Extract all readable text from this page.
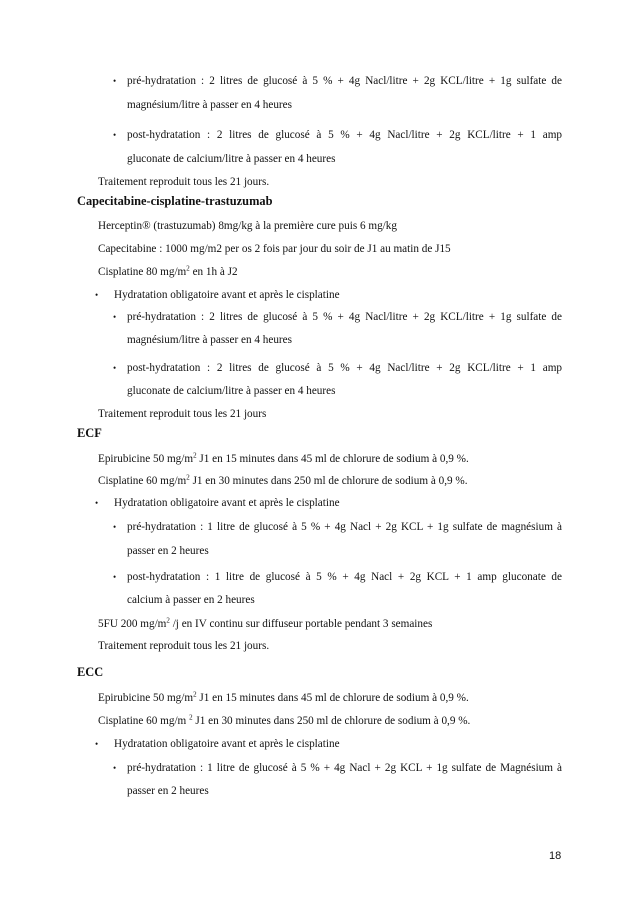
• pré-hydratation : 2 litres de glucosé à 5 % + 4g Nacl/litre + 2g KCL/litre + 1g sulfate de
magnésium/litre à passer en 4 heures
• post-hydratation : 2 litres de glucosé à 5 % + 4g Nacl/litre + 2g KCL/litre + 1 amp
gluconate de calcium/litre à passer en 4 heures
Traitement reproduit tous les 21 jours.
Capecitabine-cisplatine-trastuzumab
Herceptin® (trastuzumab) 8mg/kg à la première cure puis 6 mg/kg
Capecitabine : 1000 mg/m2 per os 2 fois par jour du soir de J1 au matin de J15
Cisplatine 80 $mg/m^2$ en 1h à J2
• Hydratation obligatoire avant et après le cisplatine
• pré-hydratation : 2 litres de glucosé à 5 % + 4g Nacl/litre + 2g KCL/litre + 1g sulfate de
magnésium/litre à passer en 4 heures
• post-hydratation : 2 litres de glucosé à 5 % + 4g Nacl/litre + 2g KCL/litre + 1 amp
gluconate de calcium/litre à passer en 4 heures
Traitement reproduit tous les 21 jours
ECF
Epirubicine 50 $mg/m^2$ J1 en 15 minutes dans 45 ml de chlorure de sodium à 0,9 %.
Cisplatine 60 $mg/m^2$ J1 en 30 minutes dans 250 ml de chlorure de sodium à 0,9 %.
• Hydratation obligatoire avant et après le cisplatine
• pré-hydratation : 1 litre de glucosé à 5 % + 4g Nacl + 2g KCL + 1g sulfate de magnésium à
passer en 2 heures
• post-hydratation : 1 litre de glucosé à 5 % + 4g Nacl + 2g KCL + 1 amp gluconate de
calcium à passer en 2 heures
5FU 200 $mg/m^2$ /j en IV continu sur diffuseur portable pendant 3 semaines
Traitement reproduit tous les 21 jours.
ECC
Epirubicine 50 $mg/m^2$ J1 en 15 minutes dans 45 ml de chlorure de sodium à 0,9 %.
Cisplatine 60 mg/m $^2$ J1 en 30 minutes dans 250 ml de chlorure de sodium à 0,9 %.
• Hydratation obligatoire avant et après le cisplatine
• pré-hydratation : 1 litre de glucosé à 5 % + 4g Nacl + 2g KCL + 1g sulfate de Magnésium à
passer en 2 heures
18
